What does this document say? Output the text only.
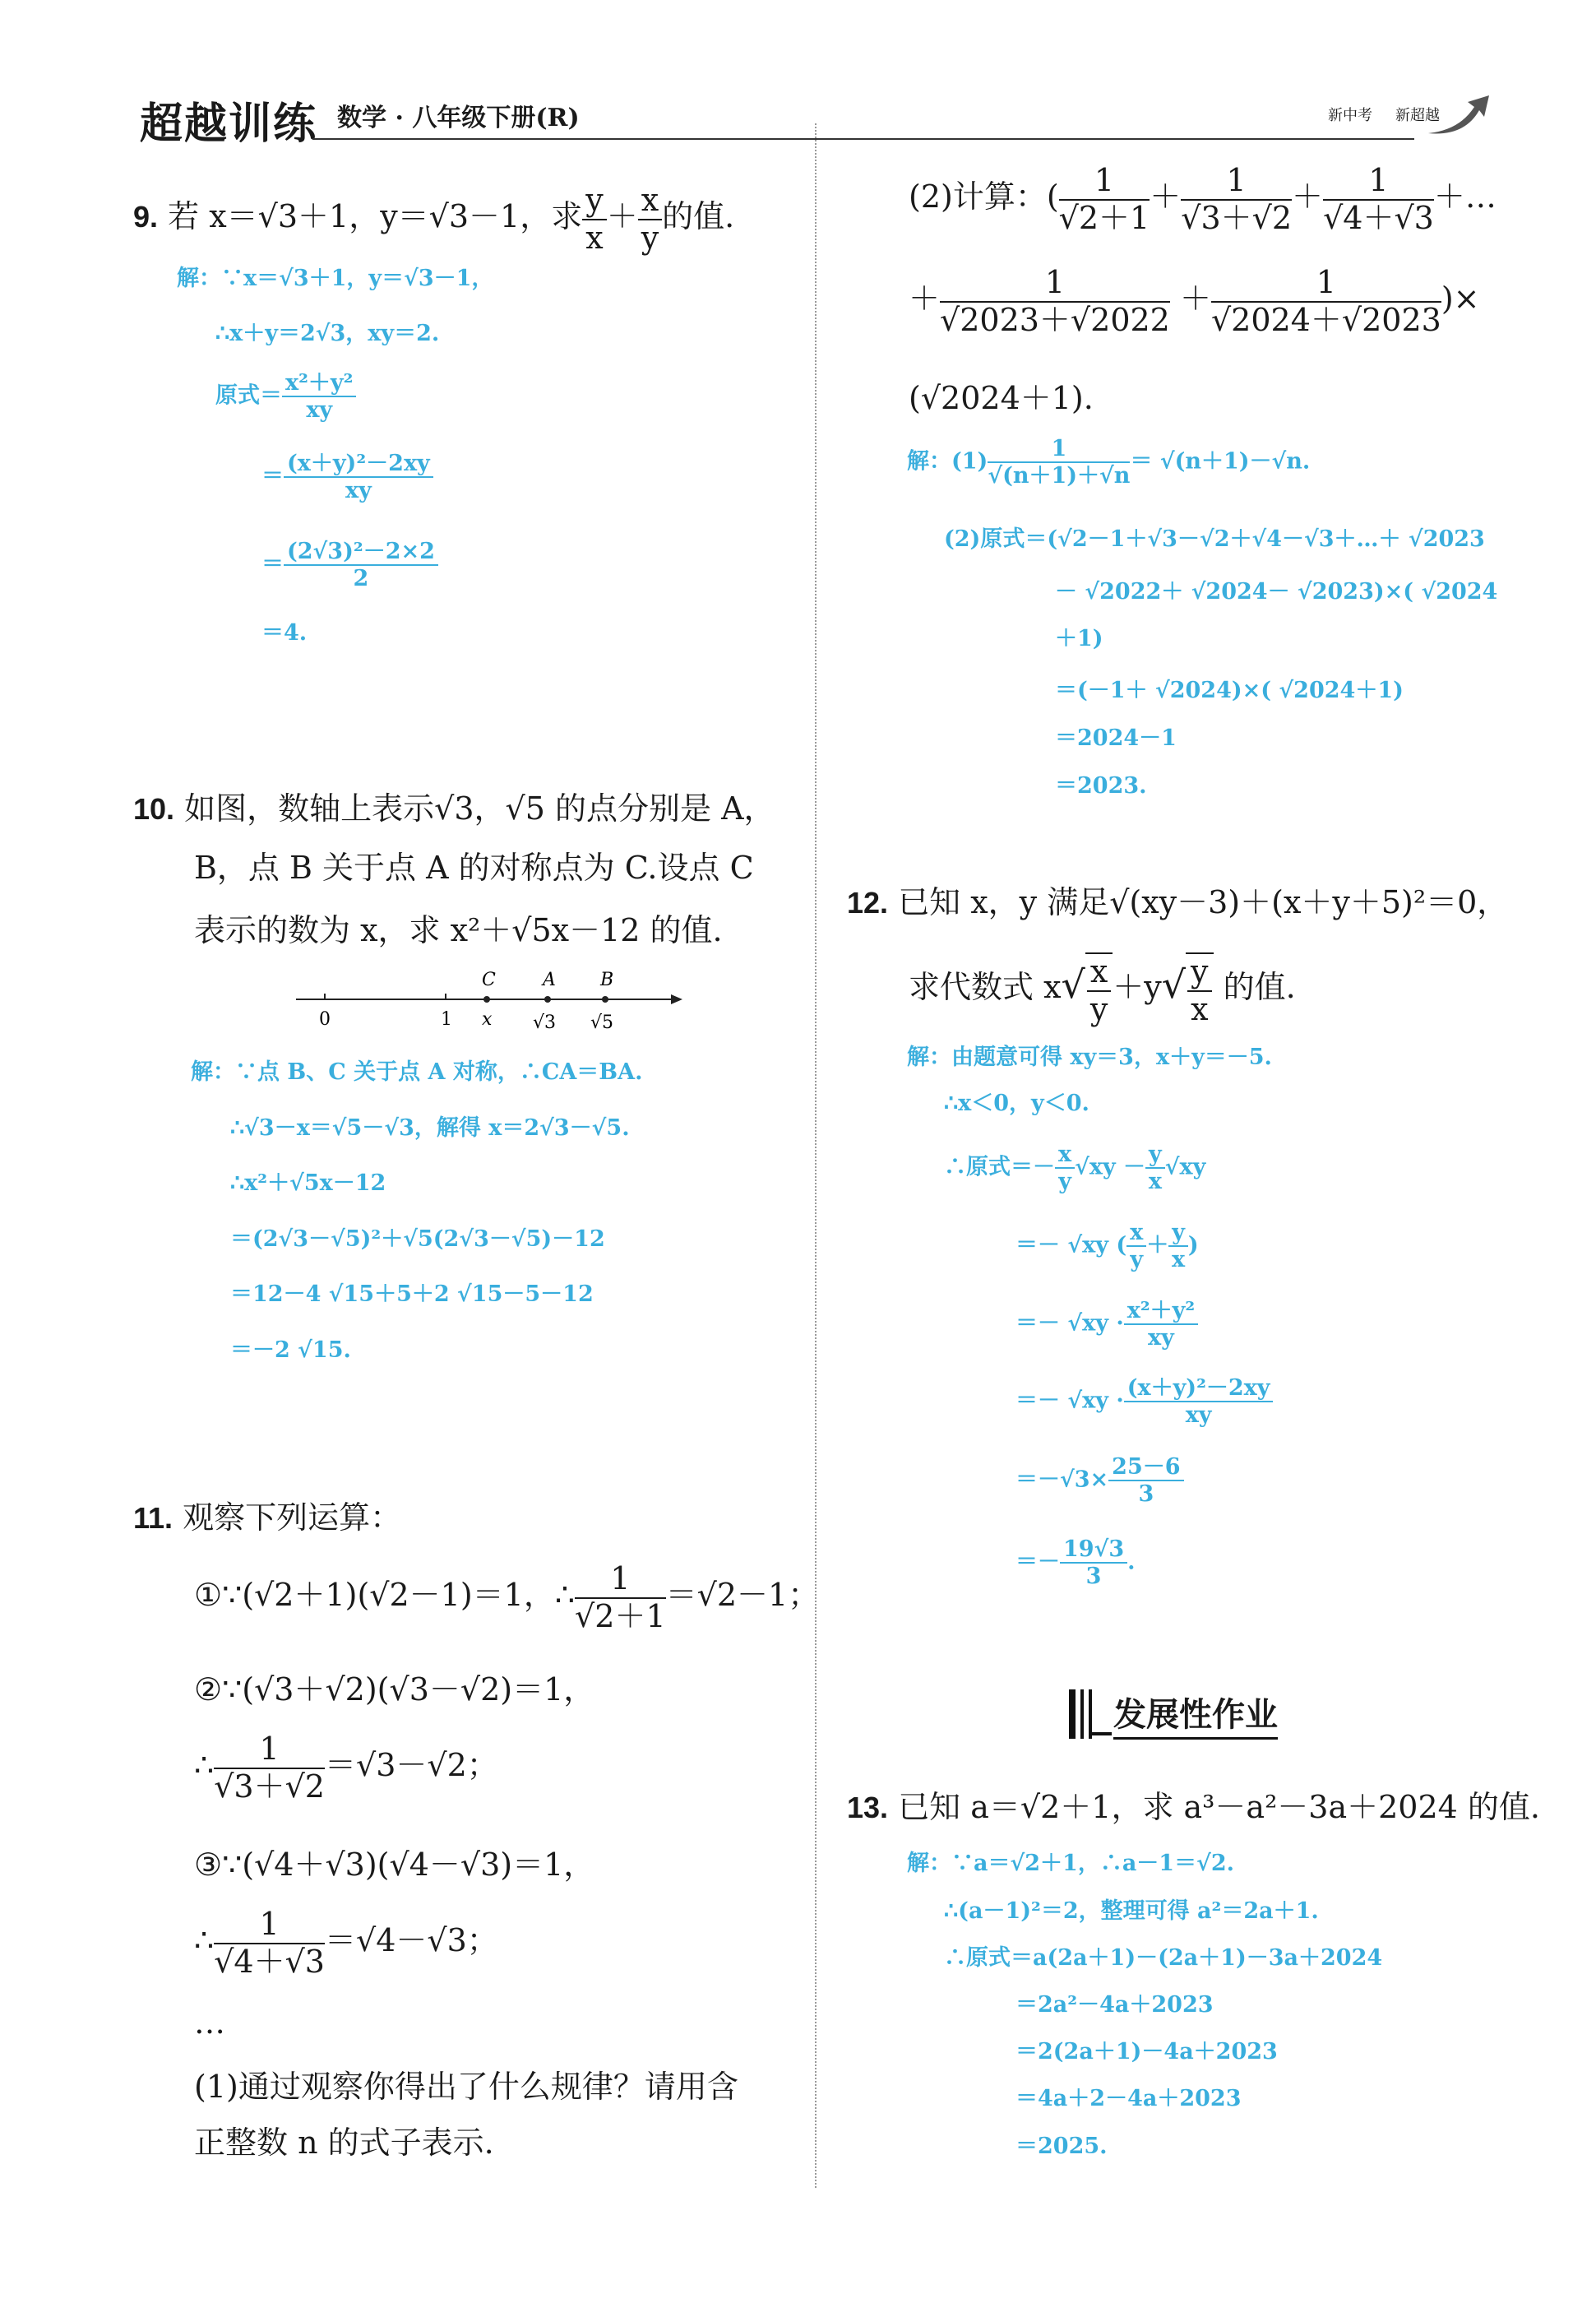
超越训练 数学 · 八年级下册(R)	新中考 新超越
9. 若 x＝√3＋1，y＝√3－1，求 $\frac{y}{x} + \frac{x}{y}$ 的值.
解：∵x＝√3＋1，y＝√3－1，
∴x＋y＝2√3，xy＝2.
原式＝ $\frac{\text{x²＋y²}}{xy}$
＝ $\frac{\text{(x＋y)²－2xy}}{xy}$
＝ $\frac{\text{(2√3)²－2×2}}{2}$
＝4.
10. 如图，数轴上表示√3，√5 的点分别是 A，
B，点 B 关于点 A 的对称点为 C.设点 C
表示的数为 x，求 x²＋√5x－12 的值.
C	A B
0	1 x √3 √5
解：∵点 B、C 关于点 A 对称，∴CA＝BA.
∴√3－x＝√5－√3，解得 x＝2√3－√5.
∴x²＋√5x－12
＝(2√3－√5)²＋√5(2√3－√5)－12
＝12－4 √15＋5＋2 √15－5－12
＝－2 √15.
11. 观察下列运算：
①∵(√2＋1)(√2－1)＝1，∴ $\frac{1}{√2+1} =√2-1$；
②∵(√3＋√2)(√3－√2)＝1，
∴ $\frac{1}{√3+√2} =√3-√2$；
③∵(√4＋√3)(√4－√3)＝1，
∴ $\frac{1}{√4+√3} =√4-√3$；
…
(1)通过观察你得出了什么规律？请用含
正整数 n 的式子表示.
(2)计算：( $\frac{1}{√2+1} + \frac{1}{√3+√2} + \frac{1}{√4+√3}$ ＋…
＋ $\frac{1}{√2023+√2022} + \frac{1}{√2024+√2023}$ )×
(√2024＋1).
解：$(1) \frac{1}{√(n+1)+√n} = √(n+1)-√n$.
(2)原式＝(√2－1＋√3－√2＋√4－√3＋…＋ √2023
－ √2022＋ √2024－ √2023)×( √2024
＋1)
＝(－1＋ √2024)×( √2024＋1)
＝2024－1
＝2023.
12. 已知 x，y 满足√(xy－3)＋(x＋y＋5)²＝0，
求代数式 $x√ \frac{x}{y} +y√ \frac{y}{x}$ 的值.
解：由题意可得 xy＝3，x＋y＝－5.
∴x＜0，y＜0.
∴原式＝－ $\frac{x}{y} √xy - \frac{y}{x} √xy$
＝－ √xy ( $\frac{x}{y} + \frac{y}{x}$ )
＝－ $√xy \cdot \frac{\text{x²＋y²}}{xy}$
＝－ $√xy \cdot \frac{\text{(x＋y)²－2xy}}{xy}$
$=-√3\times \frac{25-6}{3}$
＝－ $\frac{19√3}{3}$ .
发展性作业
13. 已知 a＝√2＋1，求 a³－a²－3a＋2024 的值.
解：∵a＝√2＋1，∴a－1＝√2.
∴(a－1)²＝2，整理可得 a²＝2a＋1.
∴原式＝a(2a＋1)－(2a＋1)－3a＋2024
＝2a²－4a＋2023
＝2(2a＋1)－4a＋2023
＝4a＋2－4a＋2023
＝2025.
